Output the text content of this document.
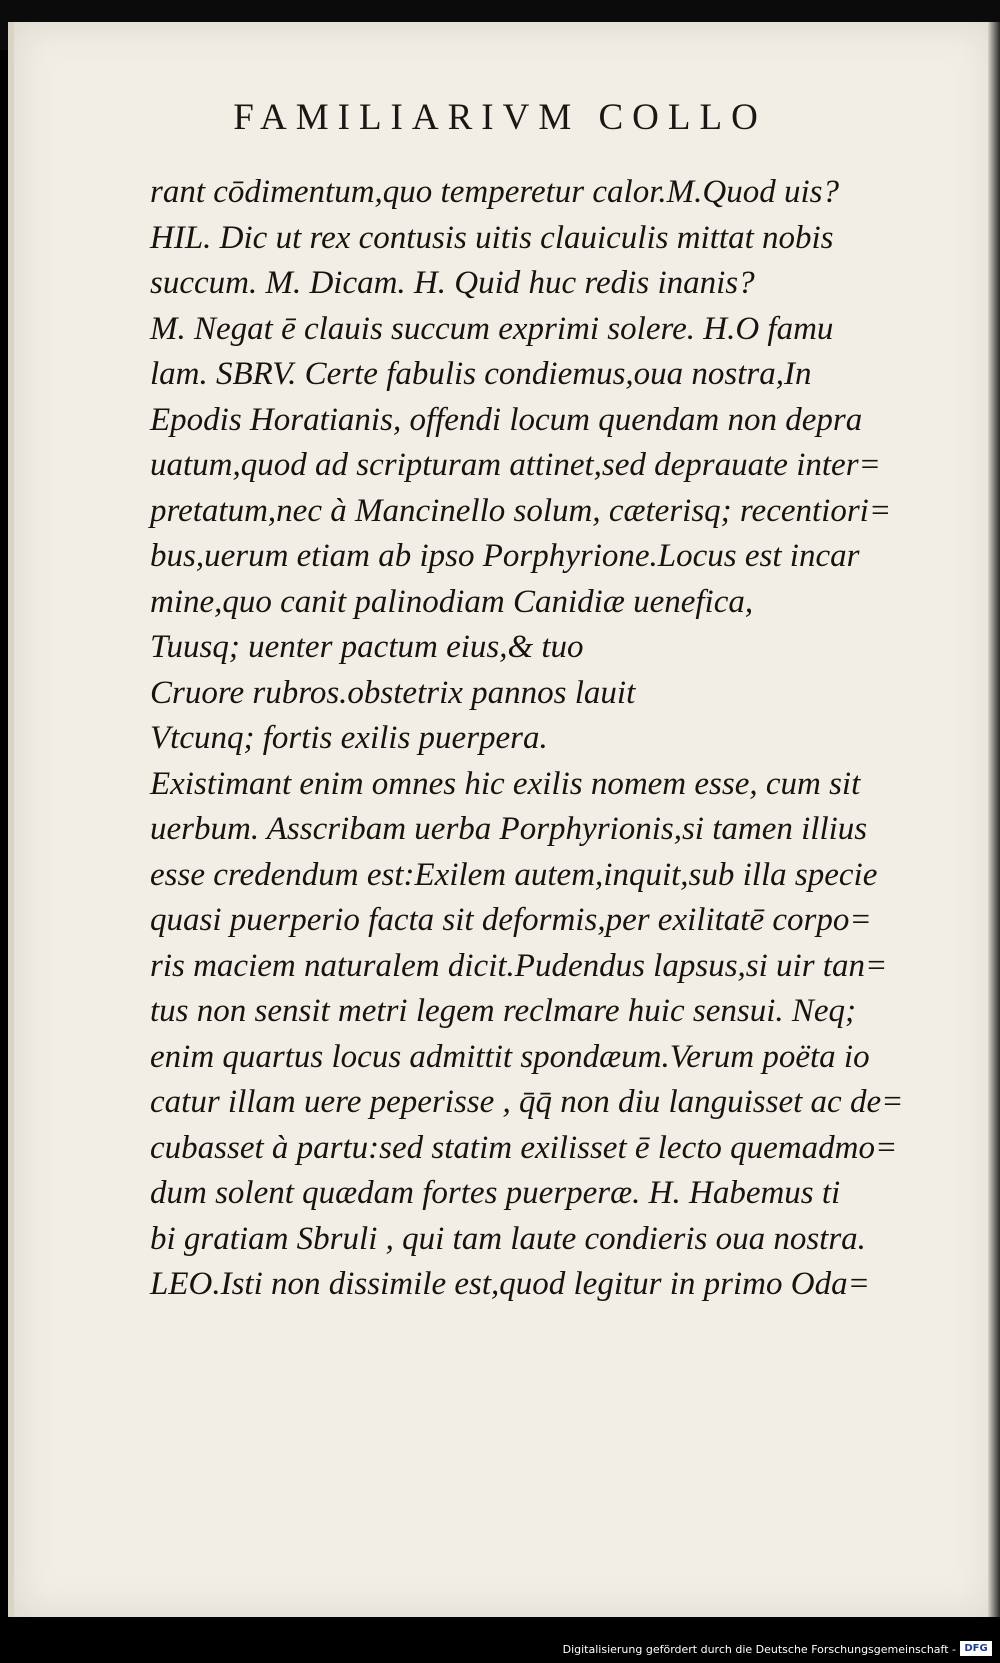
FAMILIARIVM COLLO
rant cōdimentum,quo temperetur calor.M.Quod uis?
HIL. Dic ut rex contusis uitis clauiculis mittat nobis
succum. M. Dicam. H. Quid huc redis inanis?
M. Negat ē clauis succum exprimi solere. H.O famu
lam. SBRV. Certe fabulis condiemus,oua nostra,In
Epodis Horatianis, offendi locum quendam non depra
uatum,quod ad scripturam attinet,sed deprauate inter=
pretatum,nec à Mancinello solum, cæterisq; recentiori=
bus,uerum etiam ab ipso Porphyrione.Locus est incar
mine,quo canit palinodiam Canidiæ uenefica,
Tuusq; uenter pactum eius,& tuo
Cruore rubros.obstetrix pannos lauit
Vtcunq; fortis exilis puerpera.
Existimant enim omnes hic exilis nomem esse, cum sit
uerbum. Asscribam uerba Porphyrionis,si tamen illius
esse credendum est:Exilem autem,inquit,sub illa specie
quasi puerperio facta sit deformis,per exilitatē corpo=
ris maciem naturalem dicit.Pudendus lapsus,si uir tan=
tus non sensit metri legem reclmare huic sensui. Neq;
enim quartus locus admittit spondæum.Verum poëta io
catur illam uere peperisse , q̄q̄ non diu languisset ac de=
cubasset à partu:sed statim exilisset ē lecto quemadmo=
dum solent quædam fortes puerperæ. H. Habemus ti
bi gratiam Sbruli , qui tam laute condieris oua nostra.
LEO.Isti non dissimile est,quod legitur in primo Oda=
Digitalisierung gefördert durch die Deutsche Forschungsgemeinschaft - DFG
